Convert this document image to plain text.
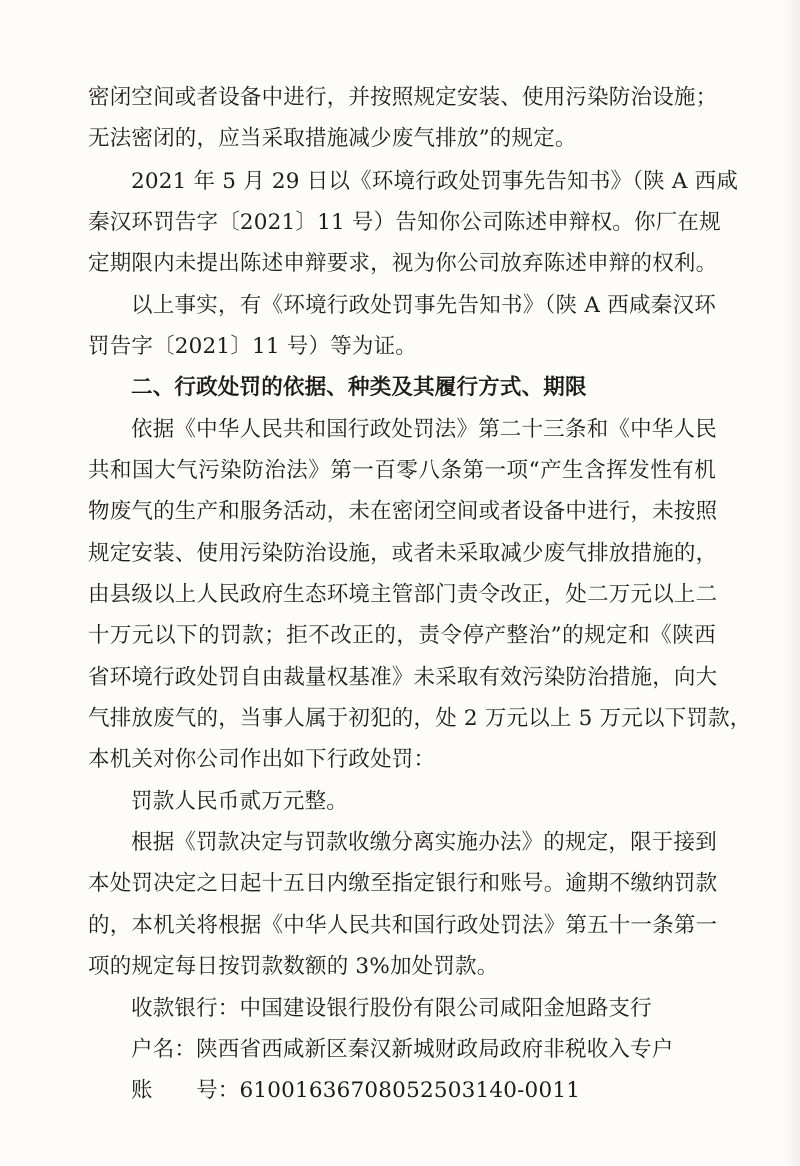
密闭空间或者设备中进行，并按照规定安装、使用污染防治设施；
无法密闭的，应当采取措施减少废气排放”的规定。
2021 年 5 月 29 日以《环境行政处罚事先告知书》（陕 A 西咸
秦汉环罚告字〔2021〕11 号）告知你公司陈述申辩权。你厂在规
定期限内未提出陈述申辩要求，视为你公司放弃陈述申辩的权利。
以上事实，有《环境行政处罚事先告知书》（陕 A 西咸秦汉环
罚告字〔2021〕11 号）等为证。
二、行政处罚的依据、种类及其履行方式、期限
依据《中华人民共和国行政处罚法》第二十三条和《中华人民
共和国大气污染防治法》第一百零八条第一项“产生含挥发性有机
物废气的生产和服务活动，未在密闭空间或者设备中进行，未按照
规定安装、使用污染防治设施，或者未采取减少废气排放措施的，
由县级以上人民政府生态环境主管部门责令改正，处二万元以上二
十万元以下的罚款；拒不改正的，责令停产整治”的规定和《陕西
省环境行政处罚自由裁量权基准》未采取有效污染防治措施，向大
气排放废气的，当事人属于初犯的，处 2 万元以上 5 万元以下罚款，
本机关对你公司作出如下行政处罚：
罚款人民币贰万元整。
根据《罚款决定与罚款收缴分离实施办法》的规定，限于接到
本处罚决定之日起十五日内缴至指定银行和账号。逾期不缴纳罚款
的，本机关将根据《中华人民共和国行政处罚法》第五十一条第一
项的规定每日按罚款数额的 3%加处罚款。
收款银行：中国建设银行股份有限公司咸阳金旭路支行
户名：陕西省西咸新区秦汉新城财政局政府非税收入专户
账　　号：61001636708052503140-0011
